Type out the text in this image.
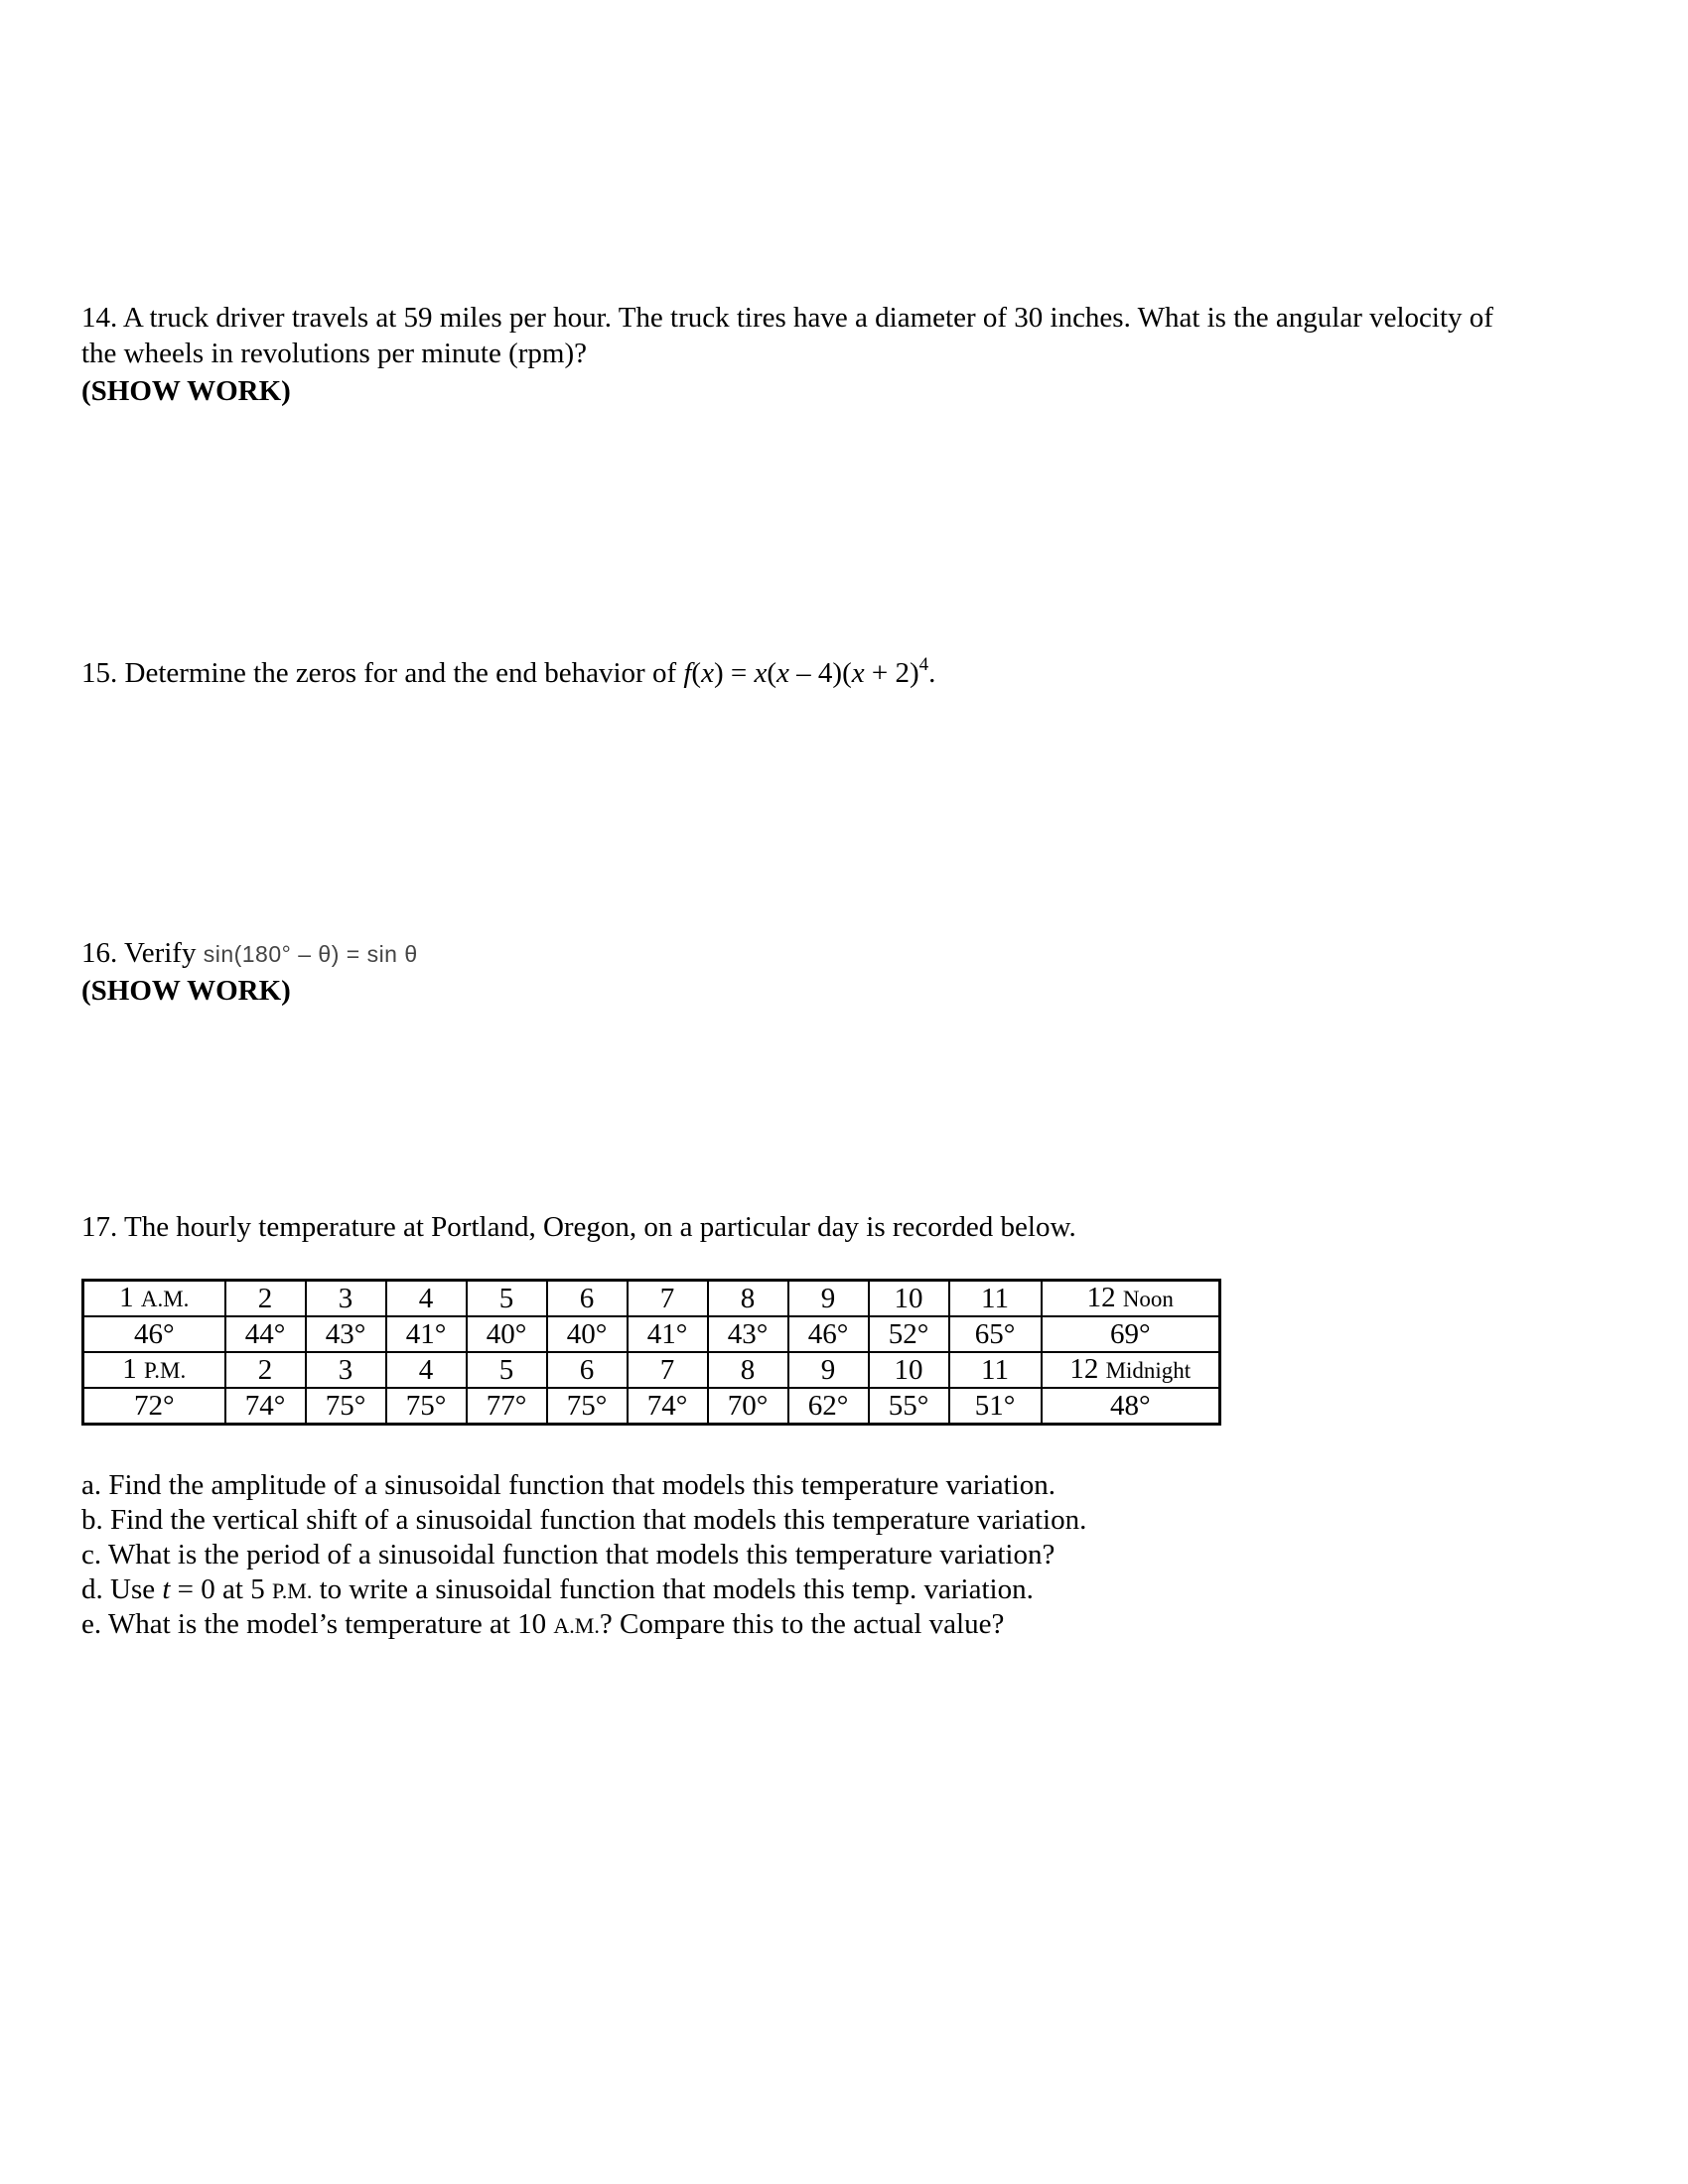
14. A truck driver travels at 59 miles per hour. The truck tires have a diameter of 30 inches. What is the angular velocity of
the wheels in revolutions per minute (rpm)?
(SHOW WORK)
15. Determine the zeros for and the end behavior of $f(x) = x(x - 4)(x + 2)^4$.
16. Verify sin(180° – θ) = sin θ
(SHOW WORK)
17. The hourly temperature at Portland, Oregon, on a particular day is recorded below.
1 A.M.	2	3	4	5	6	7	8	9	10	11	12 Noon
46°	44°	43°	41°	40°	40°	41°	43°	46°	52°	65°	69°
1 P.M.	2	3	4	5	6	7	8	9	10	11	12 Midnight
72°	74°	75°	75°	77°	75°	74°	70°	62°	55°	51°	48°
a. Find the amplitude of a sinusoidal function that models this temperature variation.
b. Find the vertical shift of a sinusoidal function that models this temperature variation.
c. What is the period of a sinusoidal function that models this temperature variation?
d. Use t = 0 at 5 P.M. to write a sinusoidal function that models this temp. variation.
e. What is the model’s temperature at 10 A.M.? Compare this to the actual value?
